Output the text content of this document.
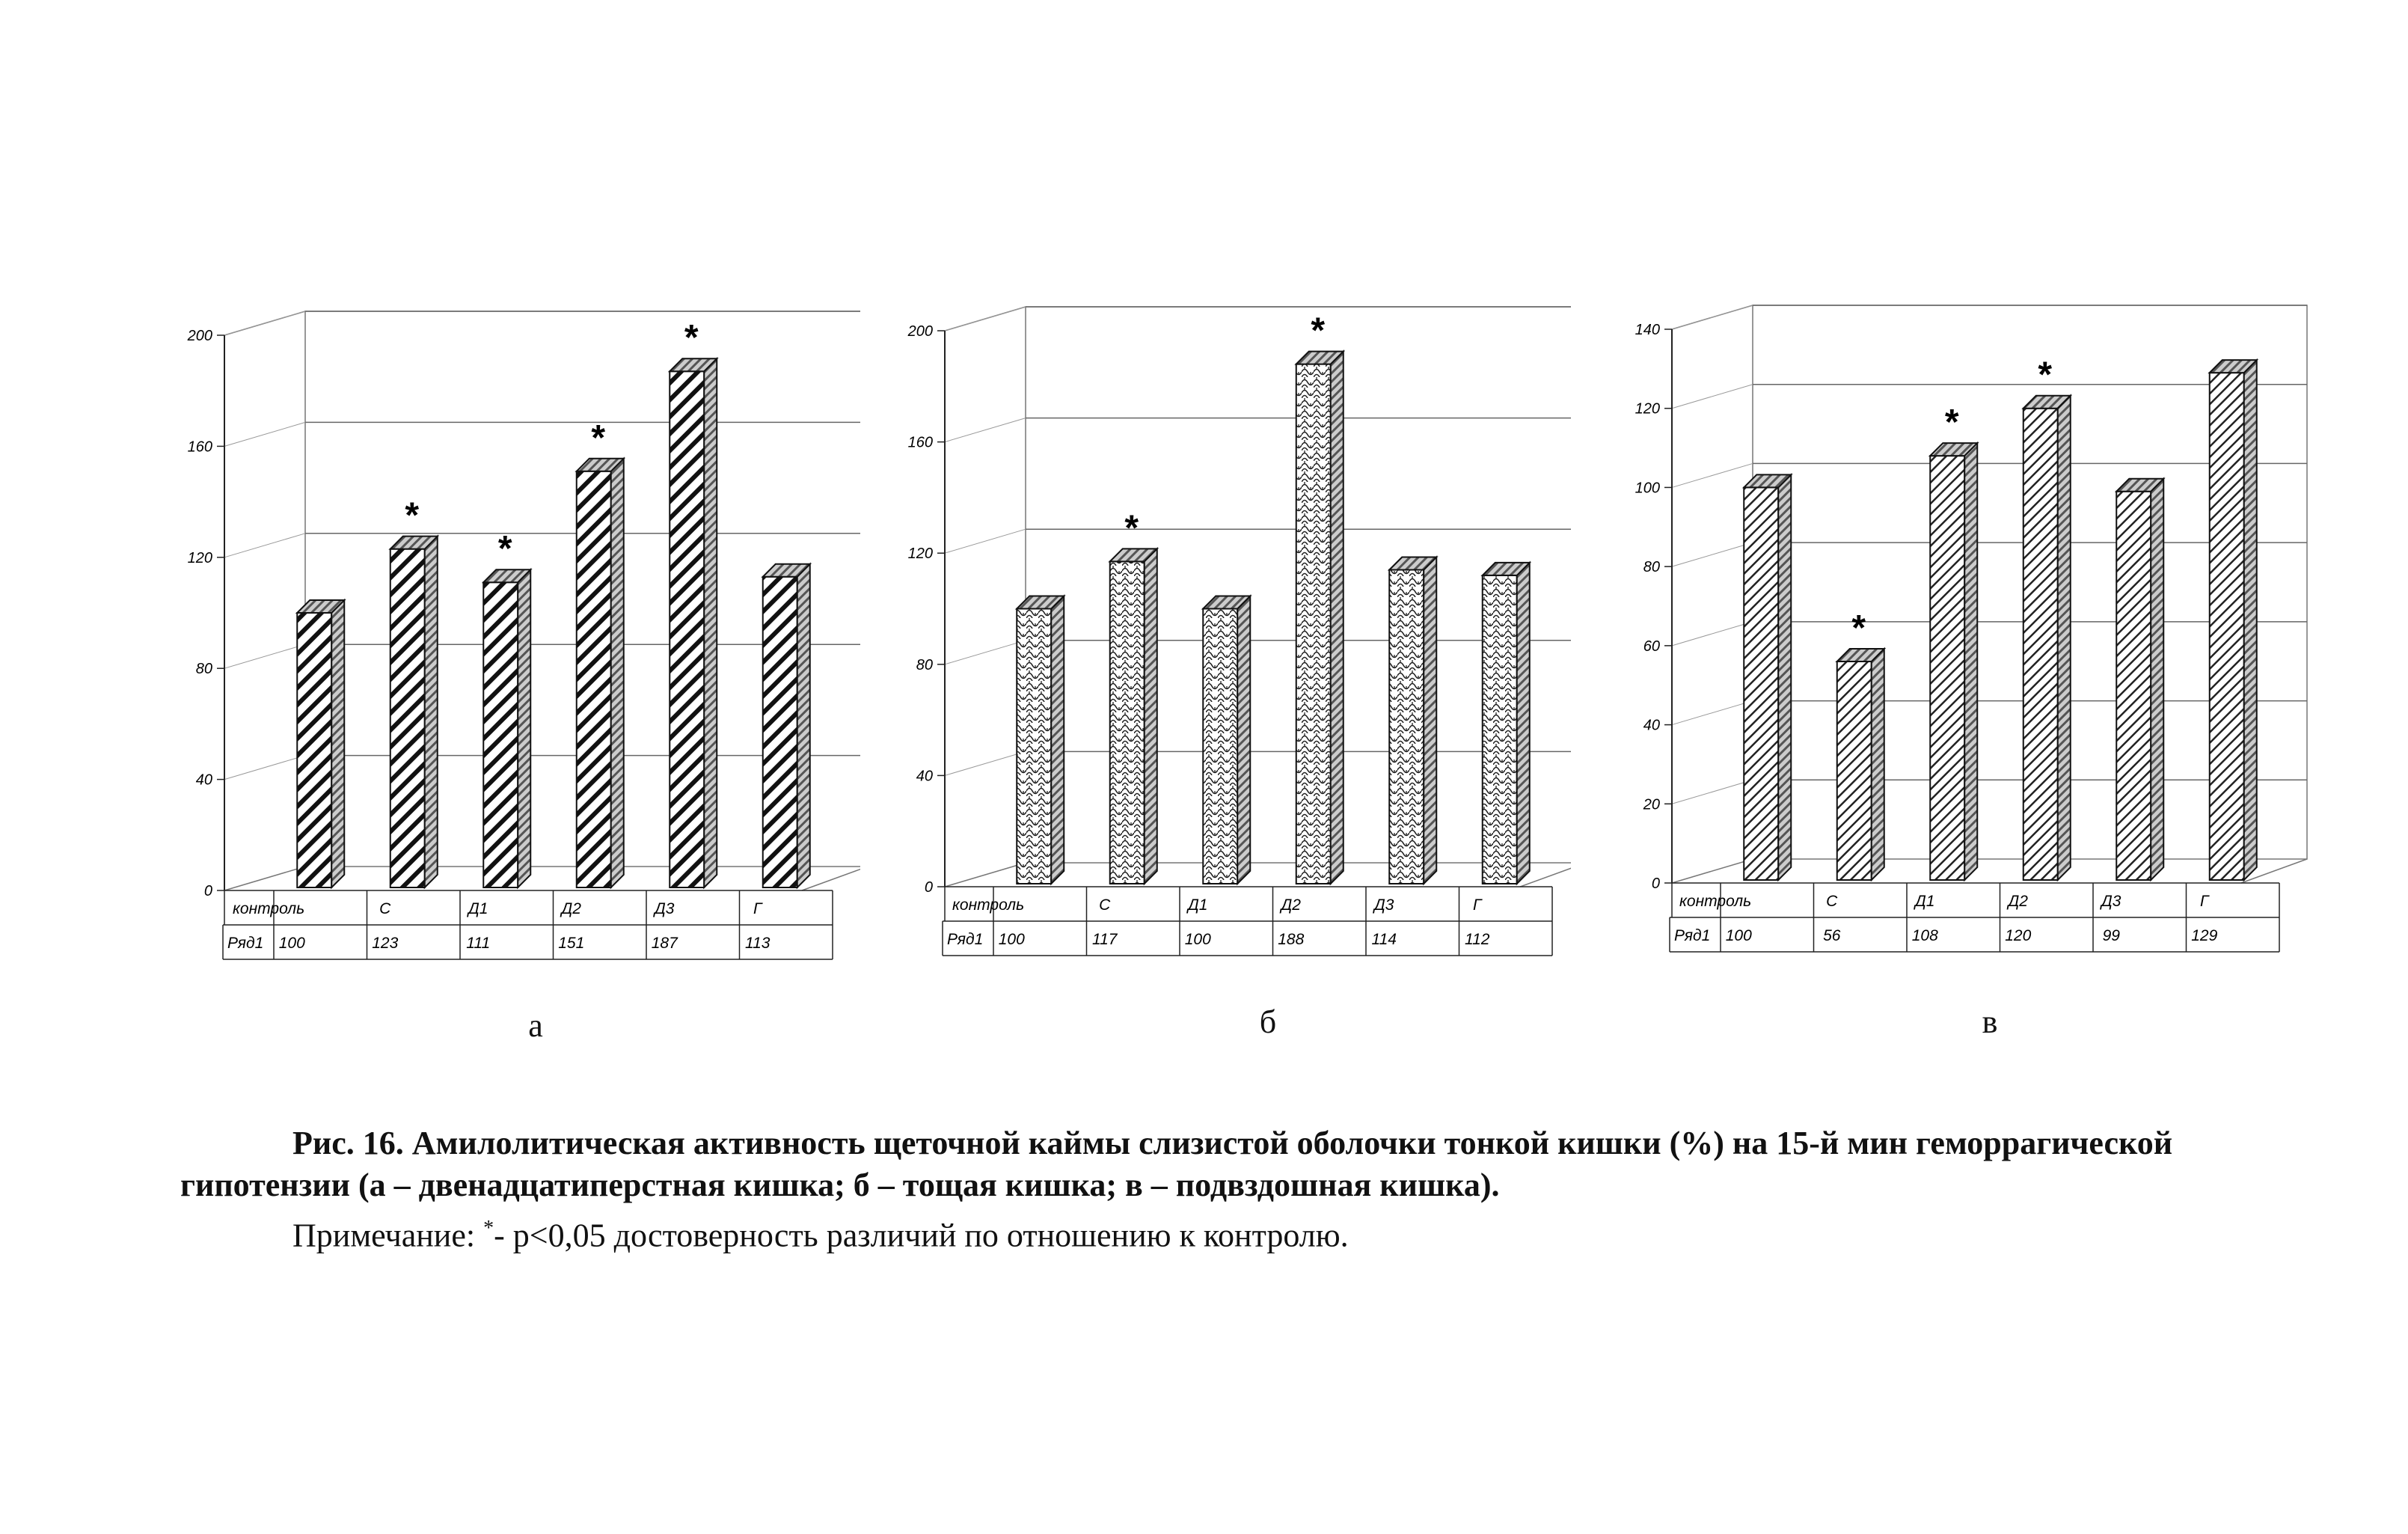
0
40
80
120
160
200
*
*
*
*
контроль	С	Д1	Д2	Д3	Г
Ряд1 100	123	111	151	187	113
0
40
80
120
160
200
*
*
контроль	С	Д1	Д2	Д3	Г
Ряд1 100	117	100	188	114	112
0
20
40
60
80
100
120
140
*
*
*
контроль	С	Д1	Д2	Д3	Г
Ряд1 100	56	108	120	99	129
а	б	в

Рис. 16. Амилолитическая активность щеточной каймы слизистой оболочки тонкой кишки (%) на 15-й мин геморрагической

гипотензии (а – двенадцатиперстная кишка; б – тощая кишка; в – подвздошная кишка).

Примечание: *- р<0,05 достоверность различий по отношению к контролю.
